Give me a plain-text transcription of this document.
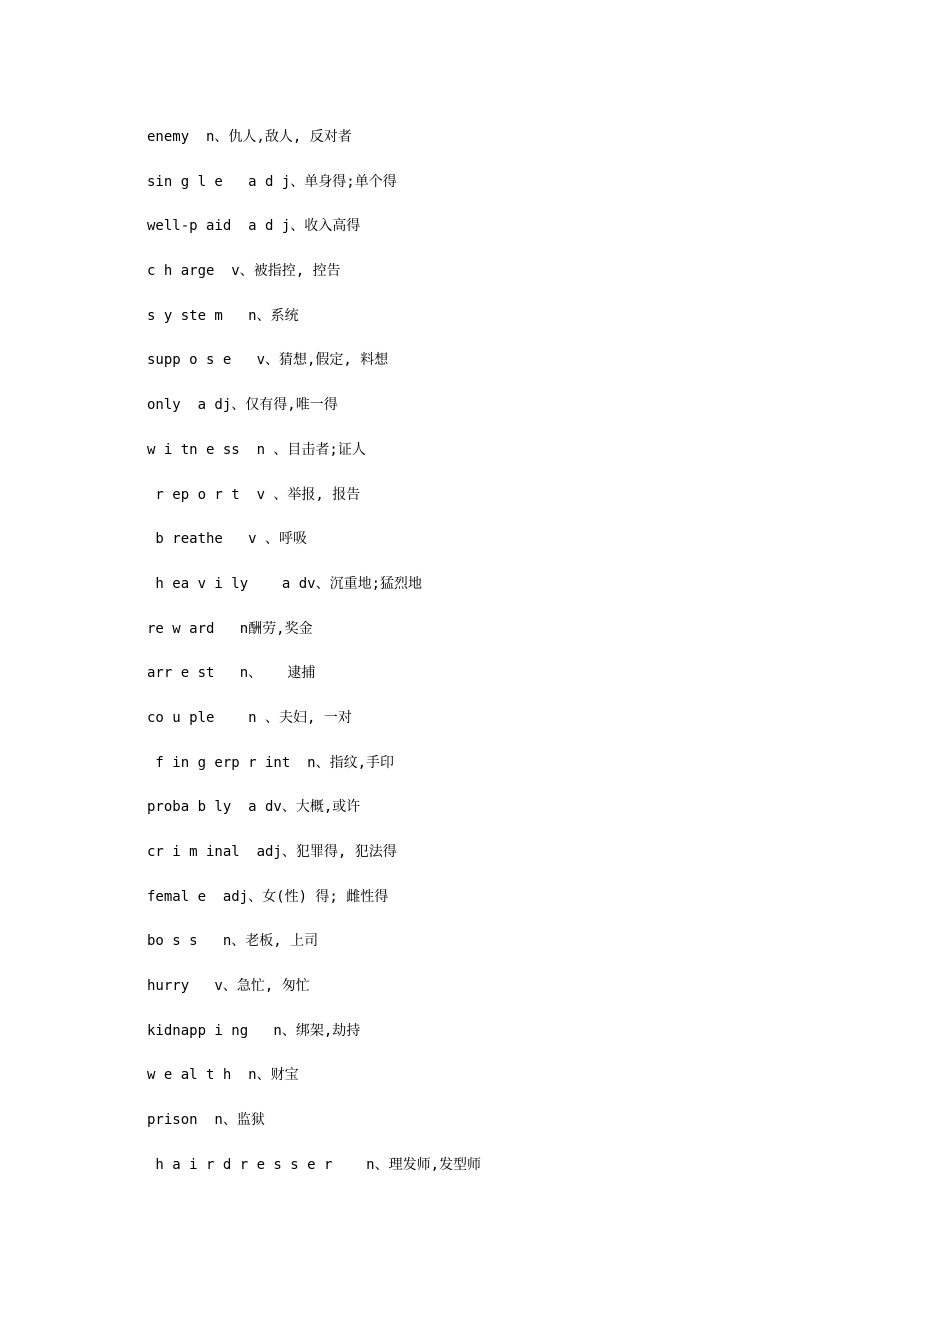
enemy  n、仇人,敌人, 反对者
sin g l e   a d j、单身得;单个得
well-p aid  a d j、收入高得
c h arge  v、被指控, 控告
s y ste m   n、系统
supp o s e   v、猜想,假定, 料想
only  a dj、仅有得,唯一得
w i tn e ss  n 、目击者;证人
r ep o r t  v 、举报, 报告
b reathe   v 、呼吸
h ea v i ly    a dv、沉重地;猛烈地
re w ard   n酬劳,奖金
arr e st   n、   逮捕
co u ple    n 、夫妇, 一对
f in g erp r int  n、指纹,手印
proba b ly  a dv、大概,或许
cr i m inal  adj、犯罪得, 犯法得
femal e  adj、女(性) 得; 雌性得
bo s s   n、老板, 上司
hurry   v、急忙, 匆忙
kidnapp i ng   n、绑架,劫持
w e al t h  n、财宝
prison  n、监狱
h a i r d r e s s e r    n、理发师,发型师
